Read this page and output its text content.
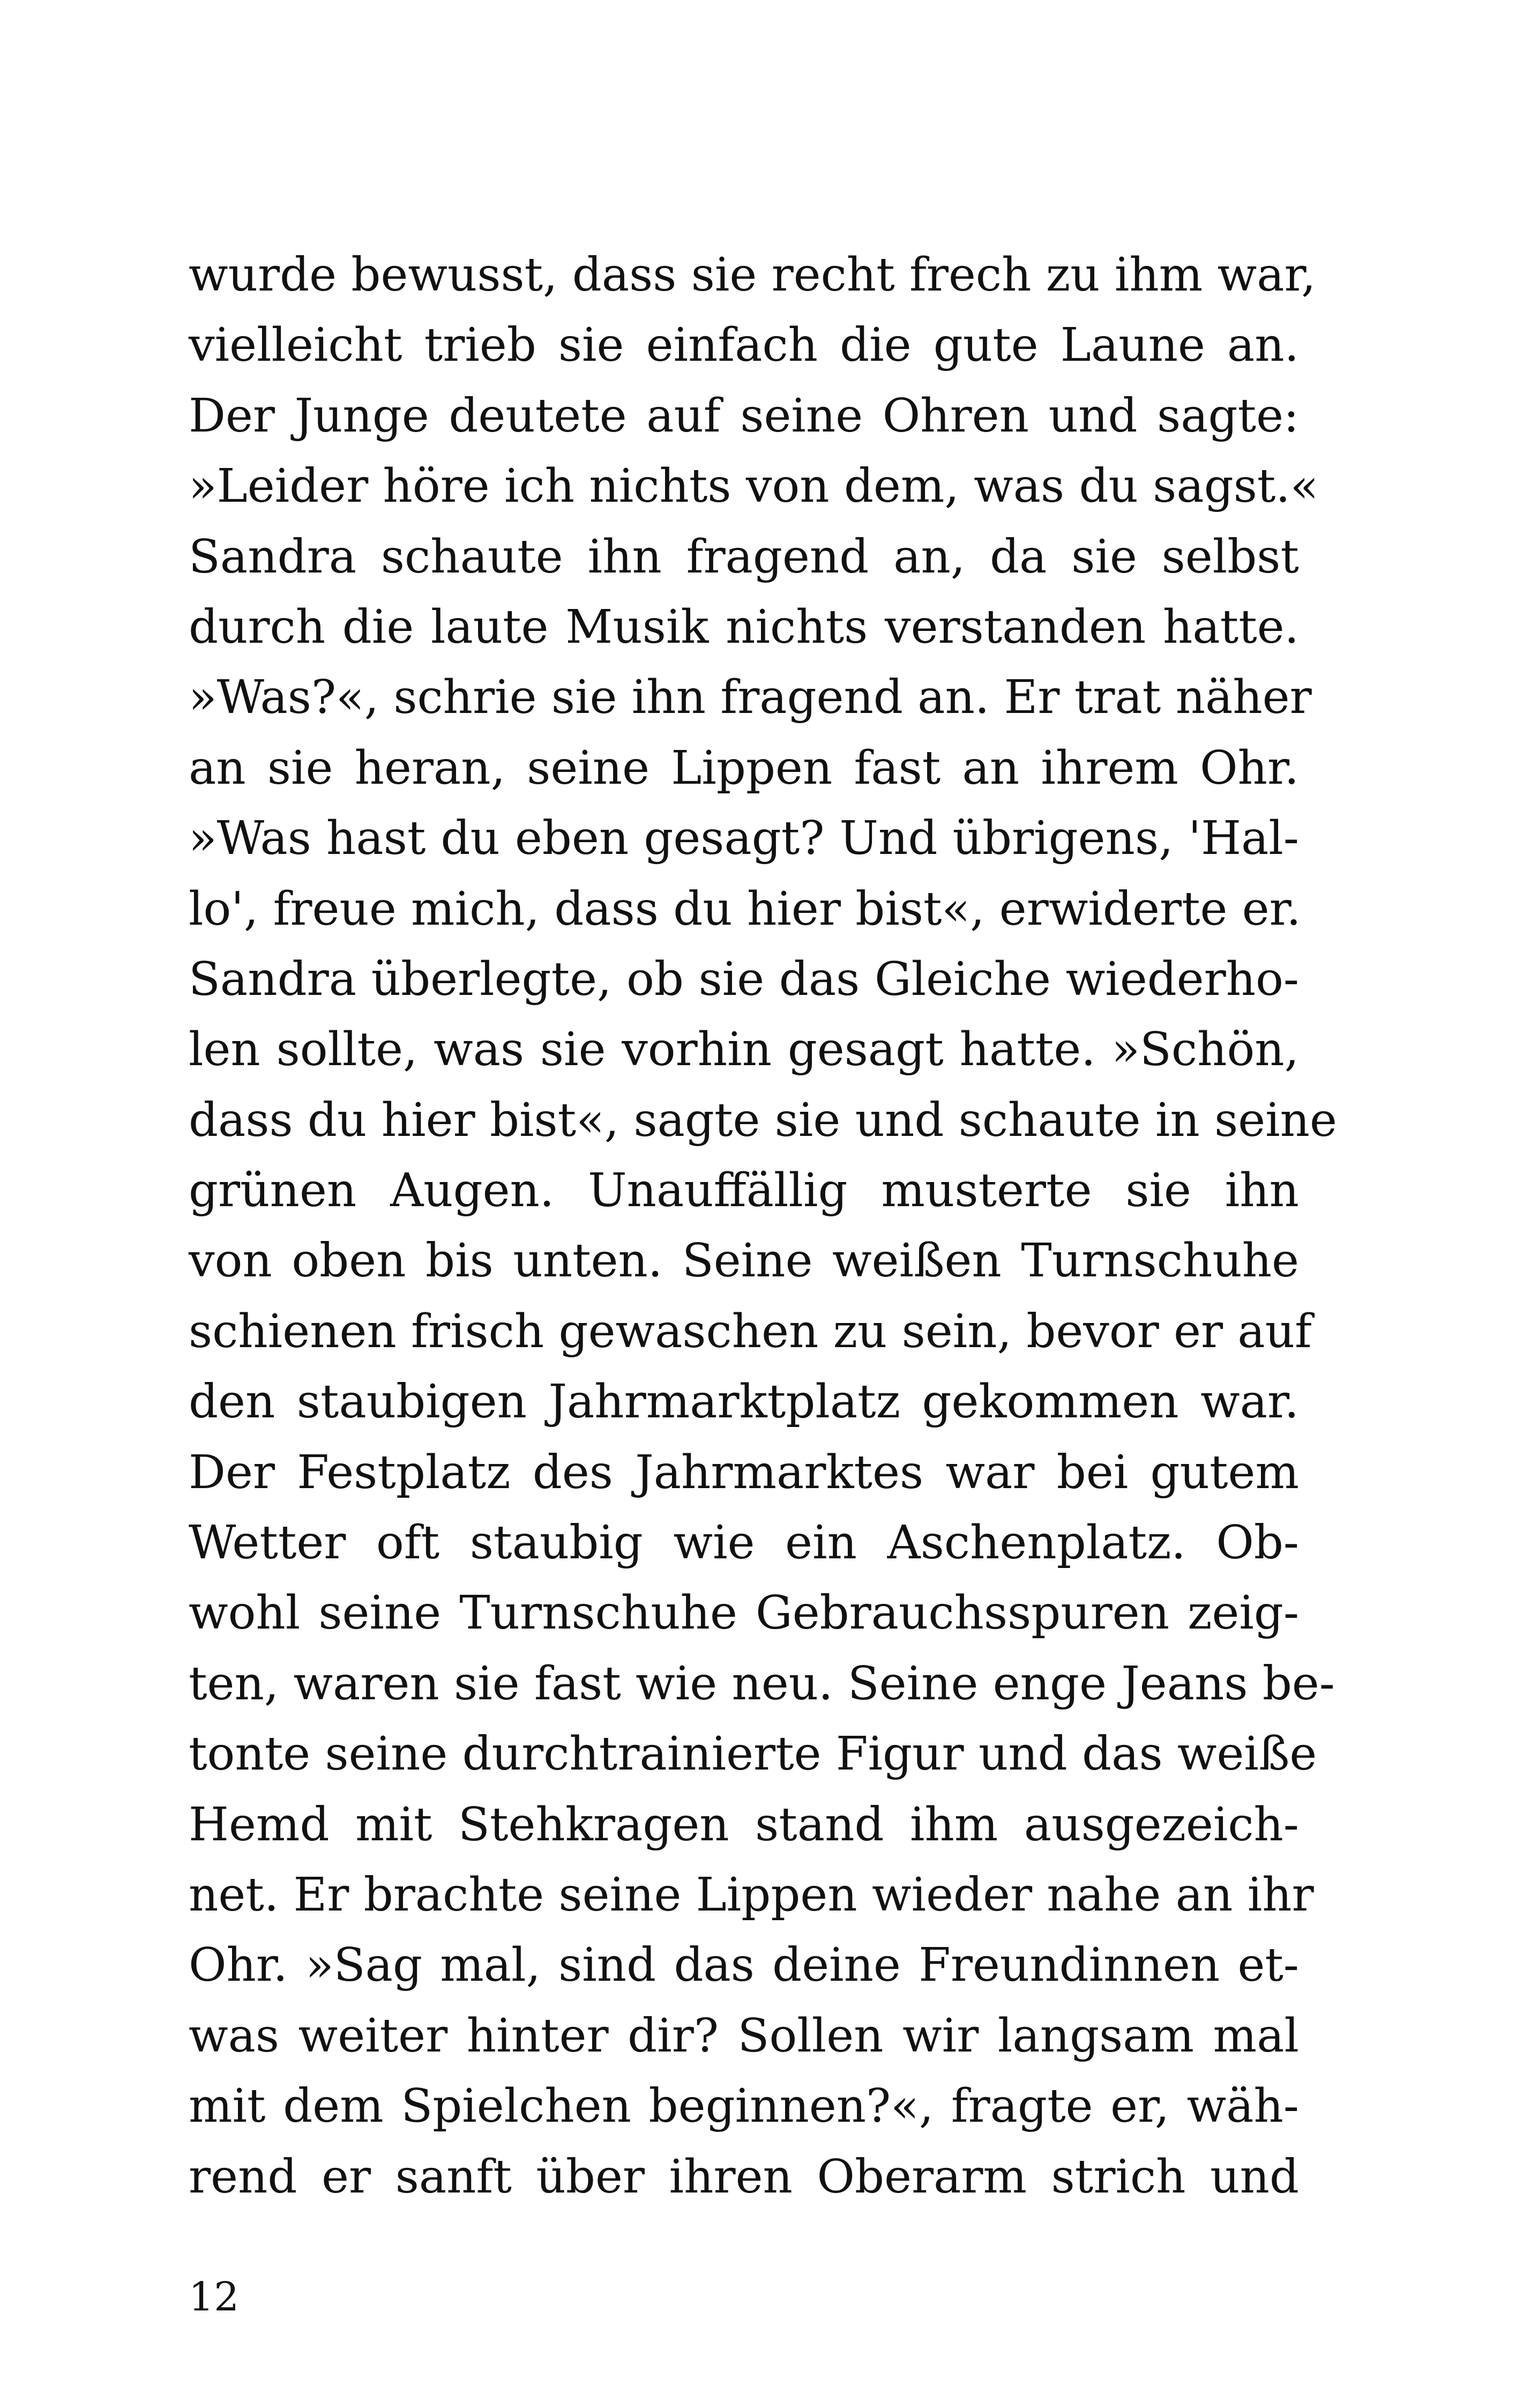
wurde bewusst, dass sie recht frech zu ihm war,
vielleicht trieb sie einfach die gute Laune an.
Der Junge deutete auf seine Ohren und sagte:
»Leider höre ich nichts von dem, was du sagst.«
Sandra schaute ihn fragend an, da sie selbst
durch die laute Musik nichts verstanden hatte.
»Was?«, schrie sie ihn fragend an. Er trat näher
an sie heran, seine Lippen fast an ihrem Ohr.
»Was hast du eben gesagt? Und übrigens, 'Hal-
lo', freue mich, dass du hier bist«, erwiderte er.
Sandra überlegte, ob sie das Gleiche wiederho-
len sollte, was sie vorhin gesagt hatte. »Schön,
dass du hier bist«, sagte sie und schaute in seine
grünen Augen. Unauffällig musterte sie ihn
von oben bis unten. Seine weißen Turnschuhe
schienen frisch gewaschen zu sein, bevor er auf
den staubigen Jahrmarktplatz gekommen war.
Der Festplatz des Jahrmarktes war bei gutem
Wetter oft staubig wie ein Aschenplatz. Ob-
wohl seine Turnschuhe Gebrauchsspuren zeig-
ten, waren sie fast wie neu. Seine enge Jeans be-
tonte seine durchtrainierte Figur und das weiße
Hemd mit Stehkragen stand ihm ausgezeich-
net. Er brachte seine Lippen wieder nahe an ihr
Ohr. »Sag mal, sind das deine Freundinnen et-
was weiter hinter dir? Sollen wir langsam mal
mit dem Spielchen beginnen?«, fragte er, wäh-
rend er sanft über ihren Oberarm strich und

12
